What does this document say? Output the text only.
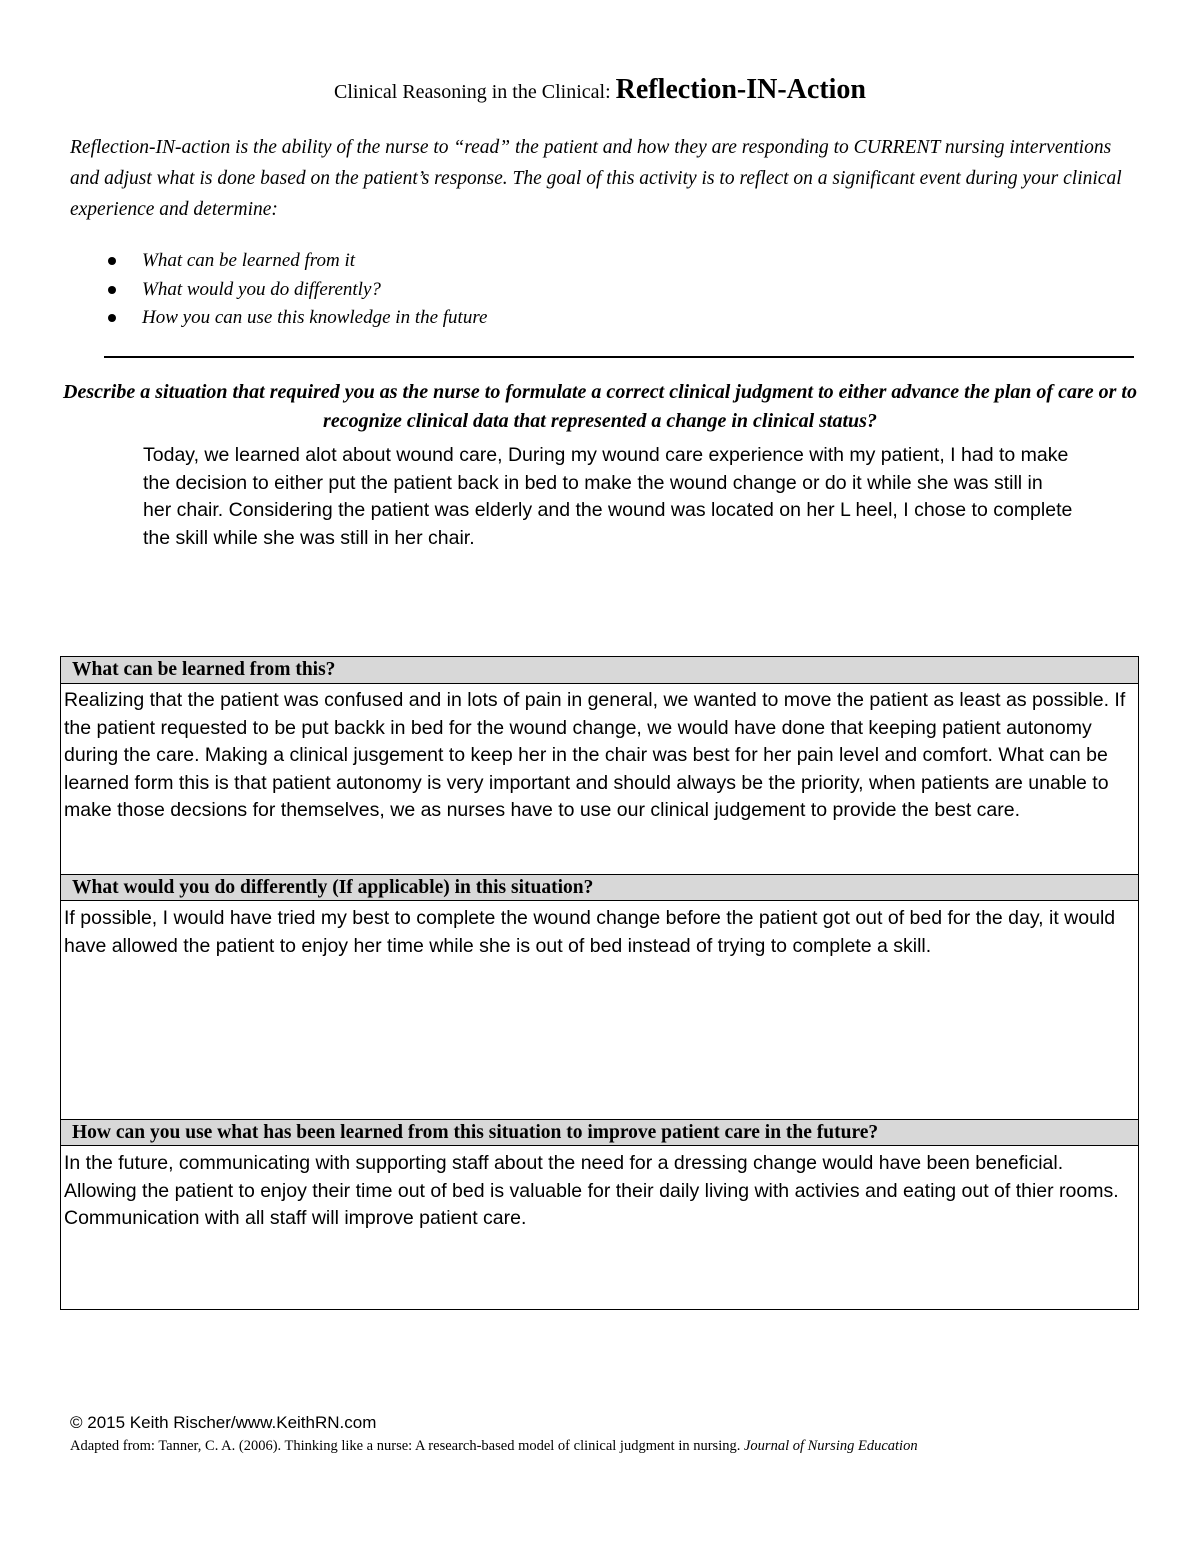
Clinical Reasoning in the Clinical: Reflection-IN-Action
Reflection-IN-action is the ability of the nurse to “read” the patient and how they are responding to CURRENT nursing interventions and adjust what is done based on the patient’s response. The goal of this activity is to reflect on a significant event during your clinical experience and determine:
What can be learned from it
What would you do differently?
How you can use this knowledge in the future
Describe a situation that required you as the nurse to formulate a correct clinical judgment to either advance the plan of care or to recognize clinical data that represented a change in clinical status?
Today, we learned alot about wound care, During my wound care experience with my patient, I had to make the decision to either put the patient back in bed to make the wound change or do it while she was still in her chair. Considering the patient was elderly and the wound was located on her L heel, I chose to complete the skill while she was still in her chair.
What can be learned from this?
Realizing that the patient was confused and in lots of pain in general, we wanted to move the patient as least as possible. If the patient requested to be put backk in bed for the wound change, we would have done that keeping patient autonomy during the care. Making a clinical jusgement to keep her in the chair was best for her pain level and comfort. What can be learned form this is that patient autonomy is very important and should always be the priority, when patients are unable to make those decsions for themselves, we as nurses have to use our clinical judgement to provide the best care.
What would you do differently (If applicable) in this situation?
If possible, I would have tried my best to complete the wound change before the patient got out of bed for the day, it would have allowed the patient to enjoy her time while she is out of bed instead of trying to complete a skill.
How can you use what has been learned from this situation to improve patient care in the future?
In the future, communicating with supporting staff about the need for a dressing change would have been beneficial. Allowing the patient to enjoy their time out of bed is valuable for their daily living with activies and eating out of thier rooms. Communication with all staff will improve patient care.
© 2015 Keith Rischer/www.KeithRN.com
Adapted from: Tanner, C. A. (2006). Thinking like a nurse: A research-based model of clinical judgment in nursing. Journal of Nursing Education
